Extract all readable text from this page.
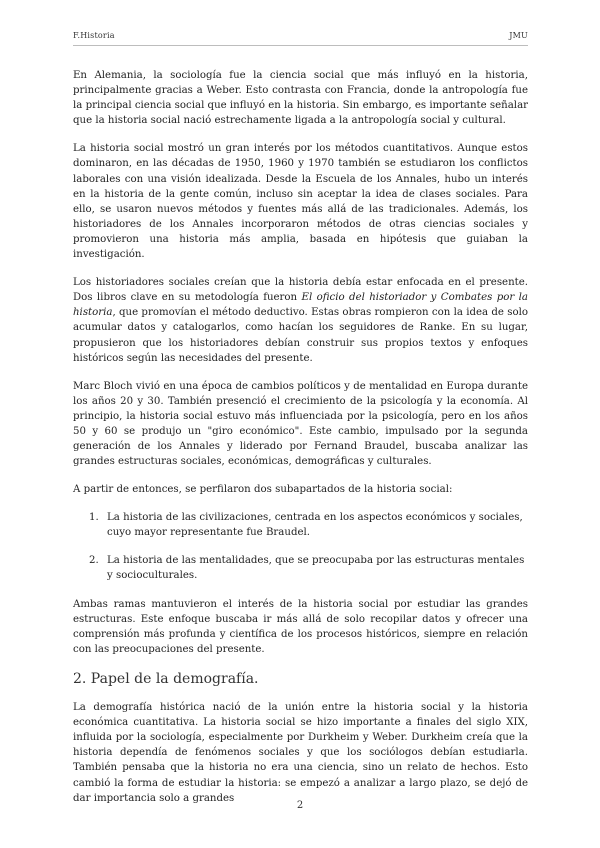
F.Historia	JMU

En Alemania, la sociología fue la ciencia social que más influyó en la historia, principalmente gracias a Weber. Esto contrasta con Francia, donde la antropología fue la principal ciencia social que influyó en la historia. Sin embargo, es importante señalar que la historia social nació estrechamente ligada a la antropología social y cultural.

La historia social mostró un gran interés por los métodos cuantitativos. Aunque estos dominaron, en las décadas de 1950, 1960 y 1970 también se estudiaron los conflictos laborales con una visión idealizada. Desde la Escuela de los Annales, hubo un interés en la historia de la gente común, incluso sin aceptar la idea de clases sociales. Para ello, se usaron nuevos métodos y fuentes más allá de las tradicionales. Además, los historiadores de los Annales incorporaron métodos de otras ciencias sociales y promovieron una historia más amplia, basada en hipótesis que guiaban la investigación.

Los historiadores sociales creían que la historia debía estar enfocada en el presente. Dos libros clave en su metodología fueron El oficio del historiador y Combates por la historia, que promovían el método deductivo. Estas obras rompieron con la idea de solo acumular datos y catalogarlos, como hacían los seguidores de Ranke. En su lugar, propusieron que los historiadores debían construir sus propios textos y enfoques históricos según las necesidades del presente.

Marc Bloch vivió en una época de cambios políticos y de mentalidad en Europa durante los años 20 y 30. También presenció el crecimiento de la psicología y la economía. Al principio, la historia social estuvo más influenciada por la psicología, pero en los años 50 y 60 se produjo un "giro económico". Este cambio, impulsado por la segunda generación de los Annales y liderado por Fernand Braudel, buscaba analizar las grandes estructuras sociales, económicas, demográficas y culturales.

A partir de entonces, se perfilaron dos subapartados de la historia social:

1. La historia de las civilizaciones, centrada en los aspectos económicos y sociales, cuyo mayor representante fue Braudel.
2. La historia de las mentalidades, que se preocupaba por las estructuras mentales y socioculturales.

Ambas ramas mantuvieron el interés de la historia social por estudiar las grandes estructuras. Este enfoque buscaba ir más allá de solo recopilar datos y ofrecer una comprensión más profunda y científica de los procesos históricos, siempre en relación con las preocupaciones del presente.

2. Papel de la demografía.

La demografía histórica nació de la unión entre la historia social y la historia económica cuantitativa. La historia social se hizo importante a finales del siglo XIX, influida por la sociología, especialmente por Durkheim y Weber. Durkheim creía que la historia dependía de fenómenos sociales y que los sociólogos debían estudiarla. También pensaba que la historia no era una ciencia, sino un relato de hechos. Esto cambió la forma de estudiar la historia: se empezó a analizar a largo plazo, se dejó de dar importancia solo a grandes

2
